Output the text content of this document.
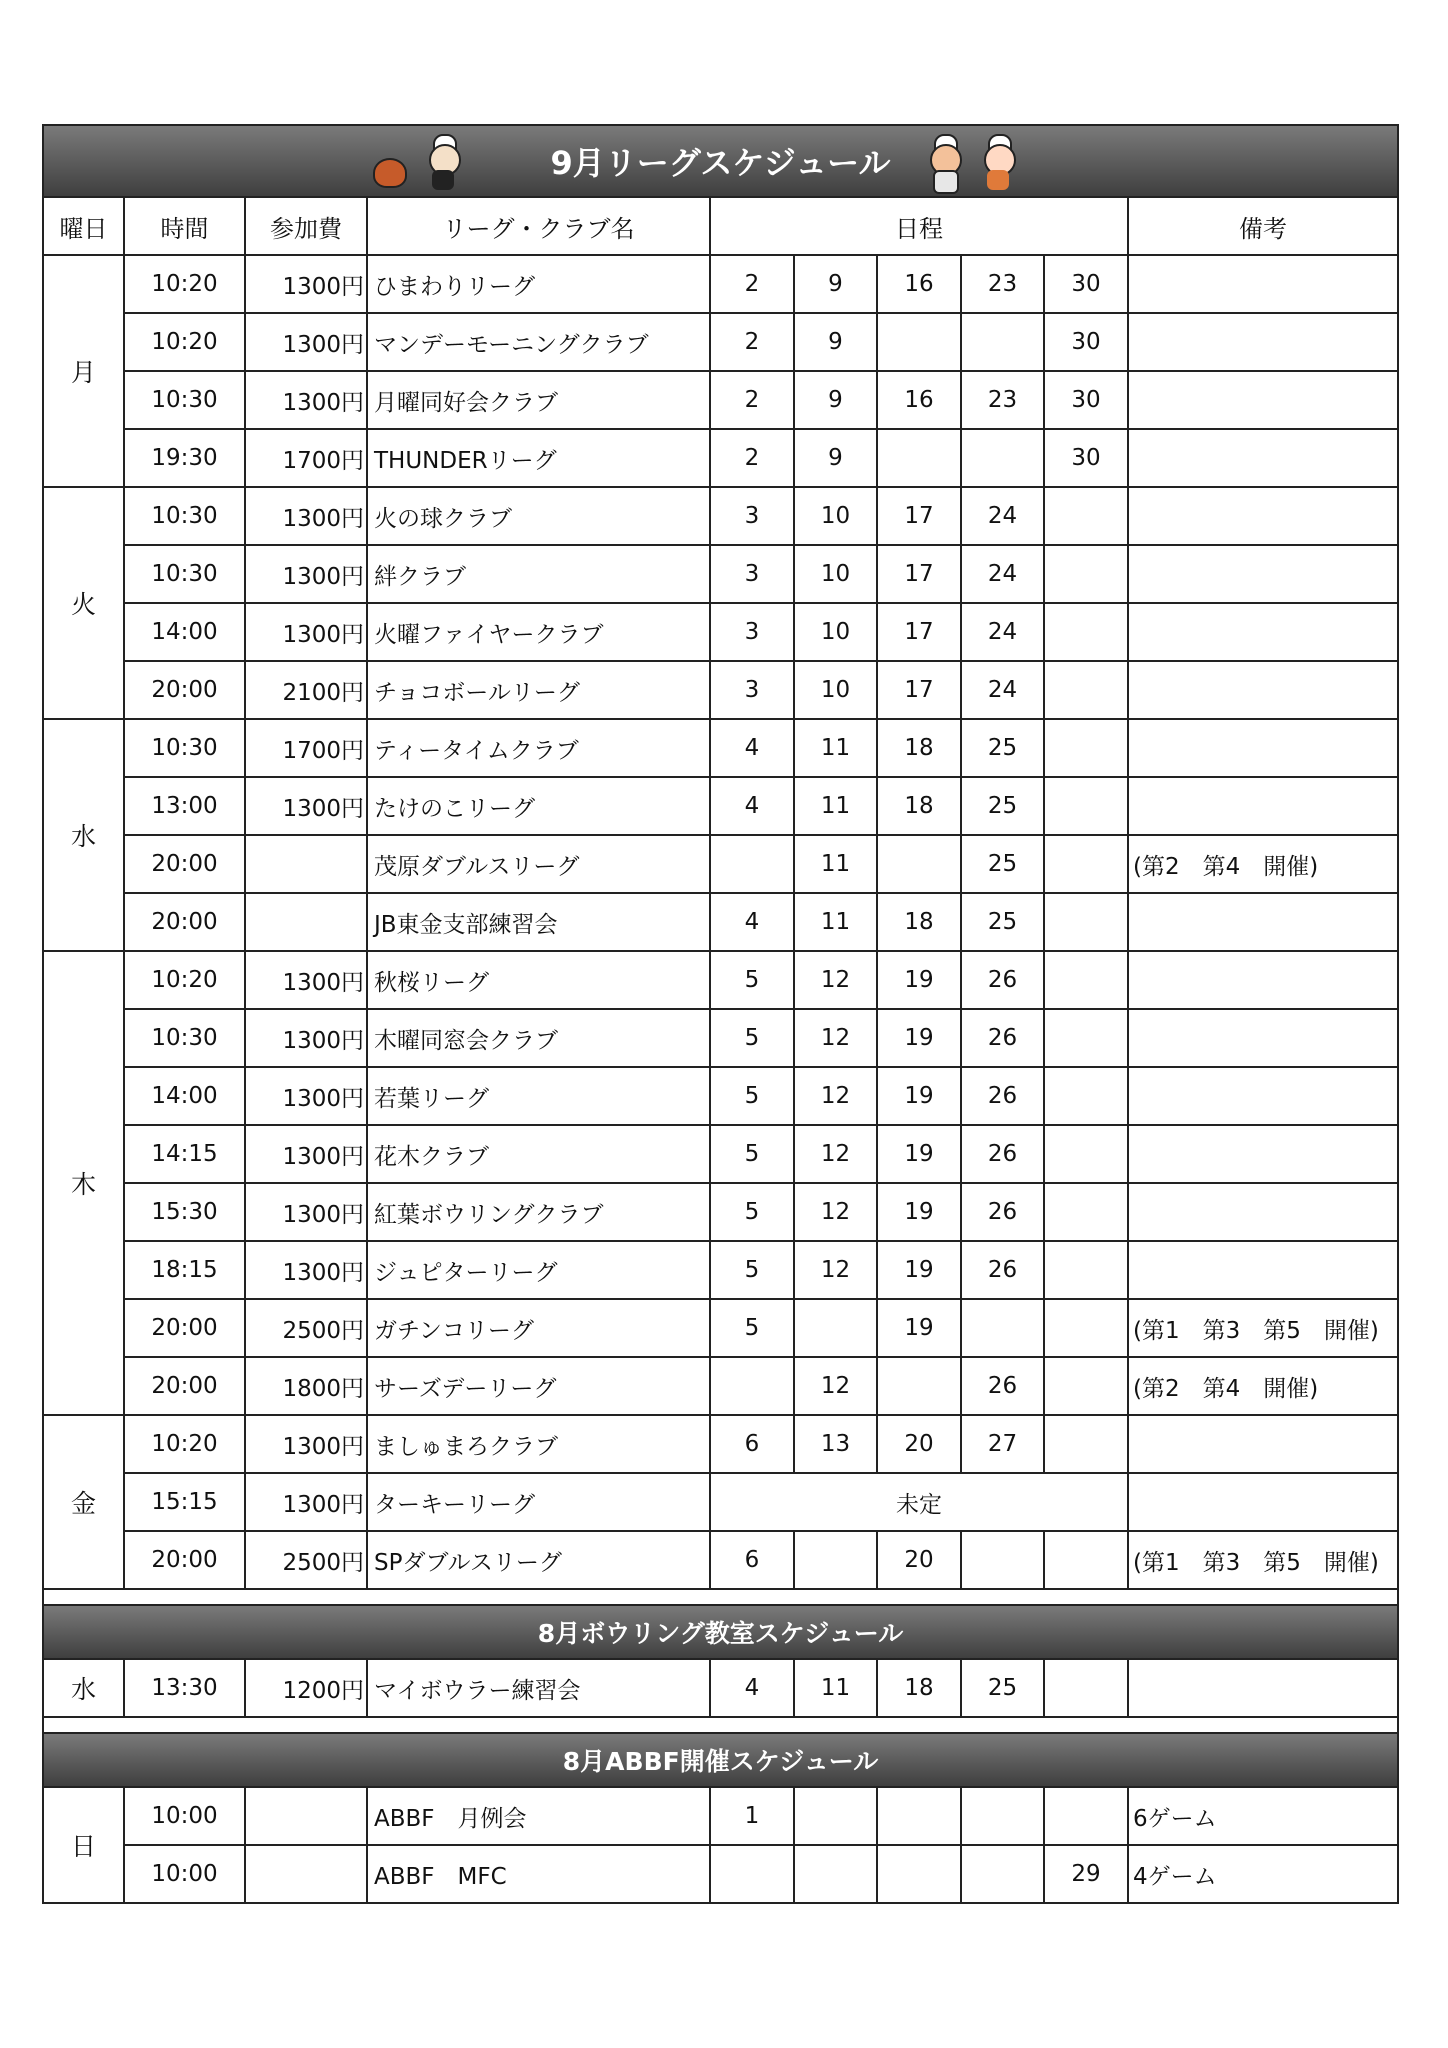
9月リーグスケジュール									

曜日	時間	参加費	リーグ・クラブ名	日程					備考
月	10:20	1300円	ひまわりリーグ	2	9	16	23	30	
	10:20	1300円	マンデーモーニングクラブ	2	9			30	
	10:30	1300円	月曜同好会クラブ	2	9	16	23	30	
	19:30	1700円	THUNDERリーグ	2	9			30	
火	10:30	1300円	火の球クラブ	3	10	17	24		
	10:30	1300円	絆クラブ	3	10	17	24		
	14:00	1300円	火曜ファイヤークラブ	3	10	17	24		
	20:00	2100円	チョコボールリーグ	3	10	17	24		
水	10:30	1700円	ティータイムクラブ	4	11	18	25		
	13:00	1300円	たけのこリーグ	4	11	18	25		
	20:00		茂原ダブルスリーグ		11		25		(第2　第4　開催)
	20:00		JB東金支部練習会	4	11	18	25		
木	10:20	1300円	秋桜リーグ	5	12	19	26		
	10:30	1300円	木曜同窓会クラブ	5	12	19	26		
	14:00	1300円	若葉リーグ	5	12	19	26		
	14:15	1300円	花木クラブ	5	12	19	26		
	15:30	1300円	紅葉ボウリングクラブ	5	12	19	26		
	18:15	1300円	ジュピターリーグ	5	12	19	26		
	20:00	2500円	ガチンコリーグ	5		19			(第1　第3　第5　開催)
	20:00	1800円	サーズデーリーグ		12		26		(第2　第4　開催)
金	10:20	1300円	ましゅまろクラブ	6	13	20	27		
	15:15	1300円	ターキーリーグ	未定					
	20:00	2500円	SPダブルスリーグ	6		20			(第1　第3　第5　開催)

8月ボウリング教室スケジュール									
水	13:30	1200円	マイボウラー練習会	4	11	18	25		

8月ABBF開催スケジュール									
日	10:00		ABBF　月例会	1					6ゲーム
	10:00		ABBF　MFC					29	4ゲーム
